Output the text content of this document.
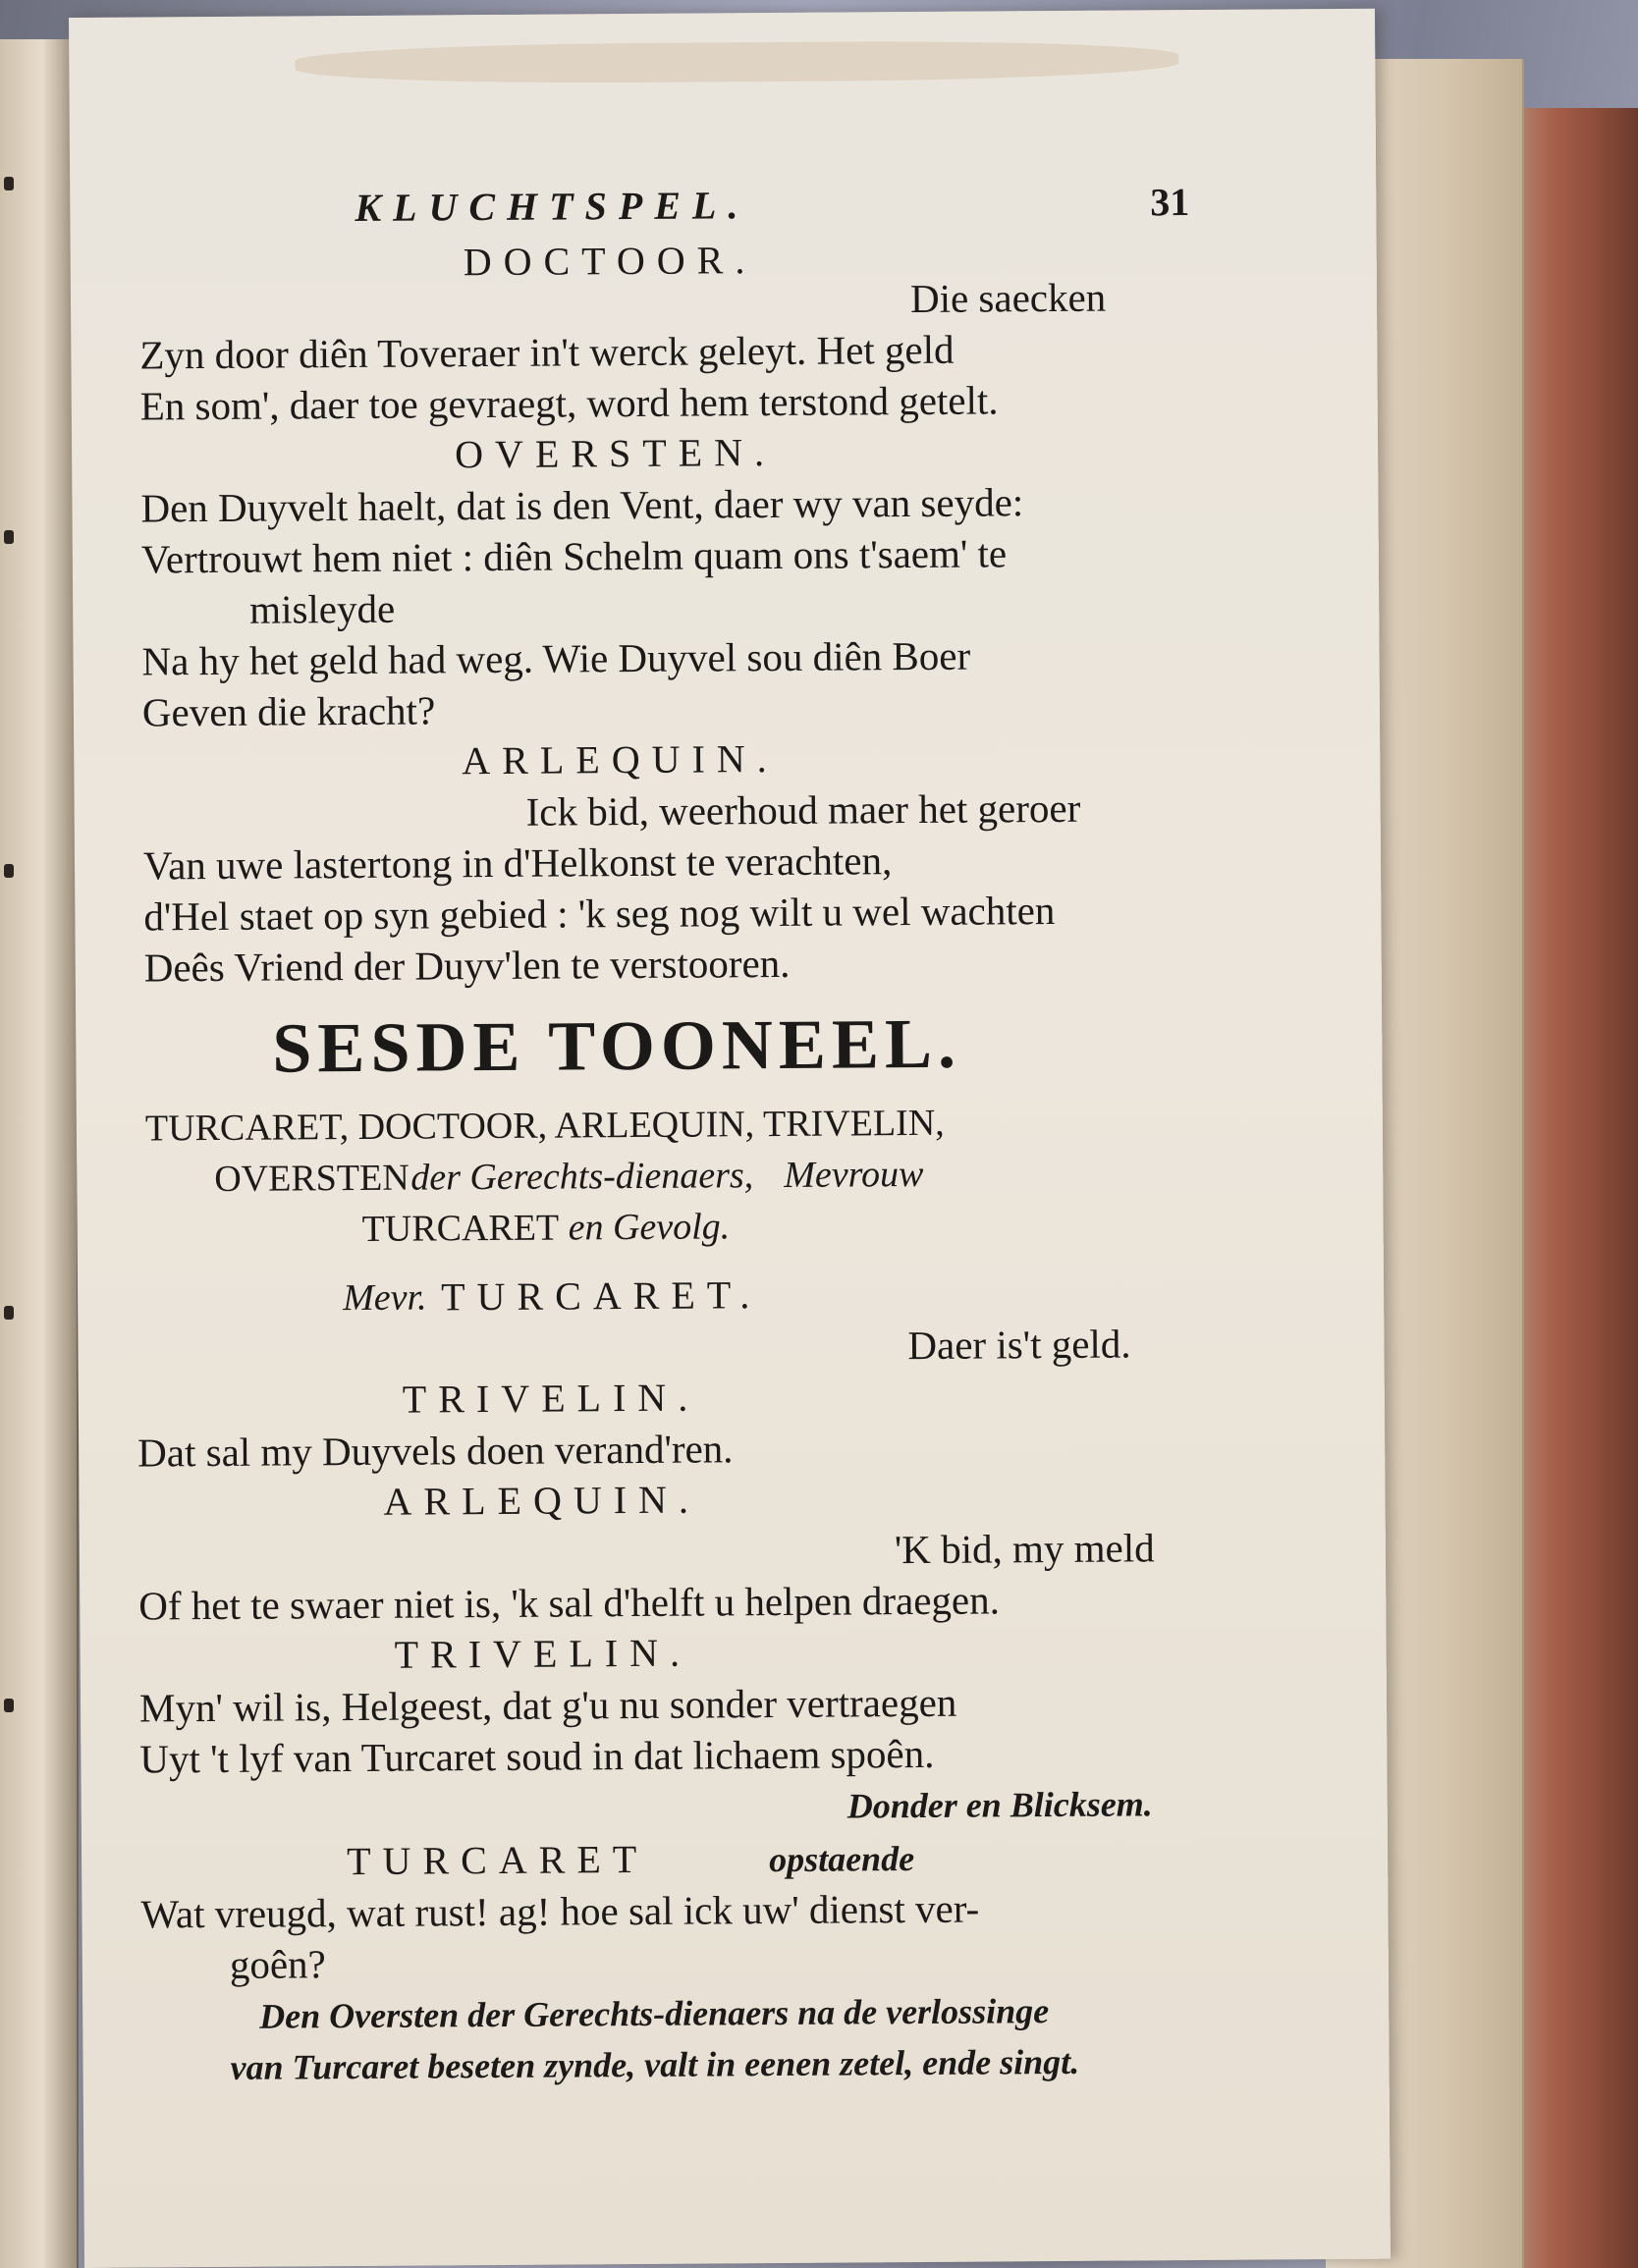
KLUCHTSPEL.	31
DOCTOOR.
Die saecken
Zyn door diên Toveraer in't werck geleyt. Het geld
En som', daer toe gevraegt, word hem terstond getelt.
OVERSTEN.
Den Duyvelt haelt, dat is den Vent, daer wy van seyde:
Vertrouwt hem niet : diên Schelm quam ons t'saem' te
misleyde
Na hy het geld had weg. Wie Duyvel sou diên Boer
Geven die kracht?
ARLEQUIN.
Ick bid, weerhoud maer het geroer
Van uwe lastertong in d'Helkonst te verachten,
d'Hel staet op syn gebied : 'k seg nog wilt u wel wachten
Deês Vriend der Duyv'len te verstooren.
SESDE TOONEEL.
TURCARET, DOCTOOR, ARLEQUIN, TRIVELIN,
OVERSTEN der Gerechts-dienaers, Mevrouw
TURCARET en Gevolg.
Mevr. TURCARET.
Daer is't geld.
TRIVELIN.
Dat sal my Duyvels doen verand'ren.
ARLEQUIN.
'K bid, my meld
Of het te swaer niet is, 'k sal d'helft u helpen draegen.
TRIVELIN.
Myn' wil is, Helgeest, dat g'u nu sonder vertraegen
Uyt 't lyf van Turcaret soud in dat lichaem spoên.
Donder en Blicksem.
TURCARET	opstaende
Wat vreugd, wat rust! ag! hoe sal ick uw' dienst ver-
goên?
Den Oversten der Gerechts-dienaers na de verlossinge
van Turcaret beseten zynde, valt in eenen zetel, ende singt.
